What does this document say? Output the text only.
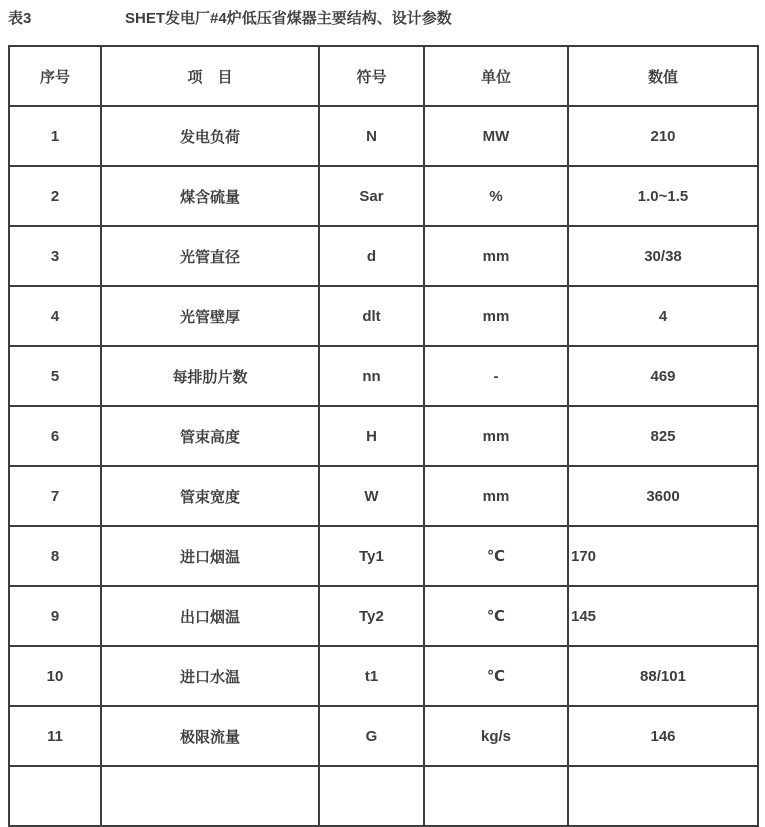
表3	SHET发电厂#4炉低压省煤器主要结构、设计参数
序号	项　目	符号	单位	数值
1	发电负荷	N	MW	210
2	煤含硫量	Sar	%	1.0~1.5
3	光管直径	d	mm	30/38
4	光管壁厚	dlt	mm	4
5	每排肋片数	nn	-	469
6	管束高度	H	mm	825
7	管束宽度	W	mm	3600
8	进口烟温	Ty1	℃	170
9	出口烟温	Ty2	℃	145
10	进口水温	t1	℃	88/101
11	极限流量	G	kg/s	146
